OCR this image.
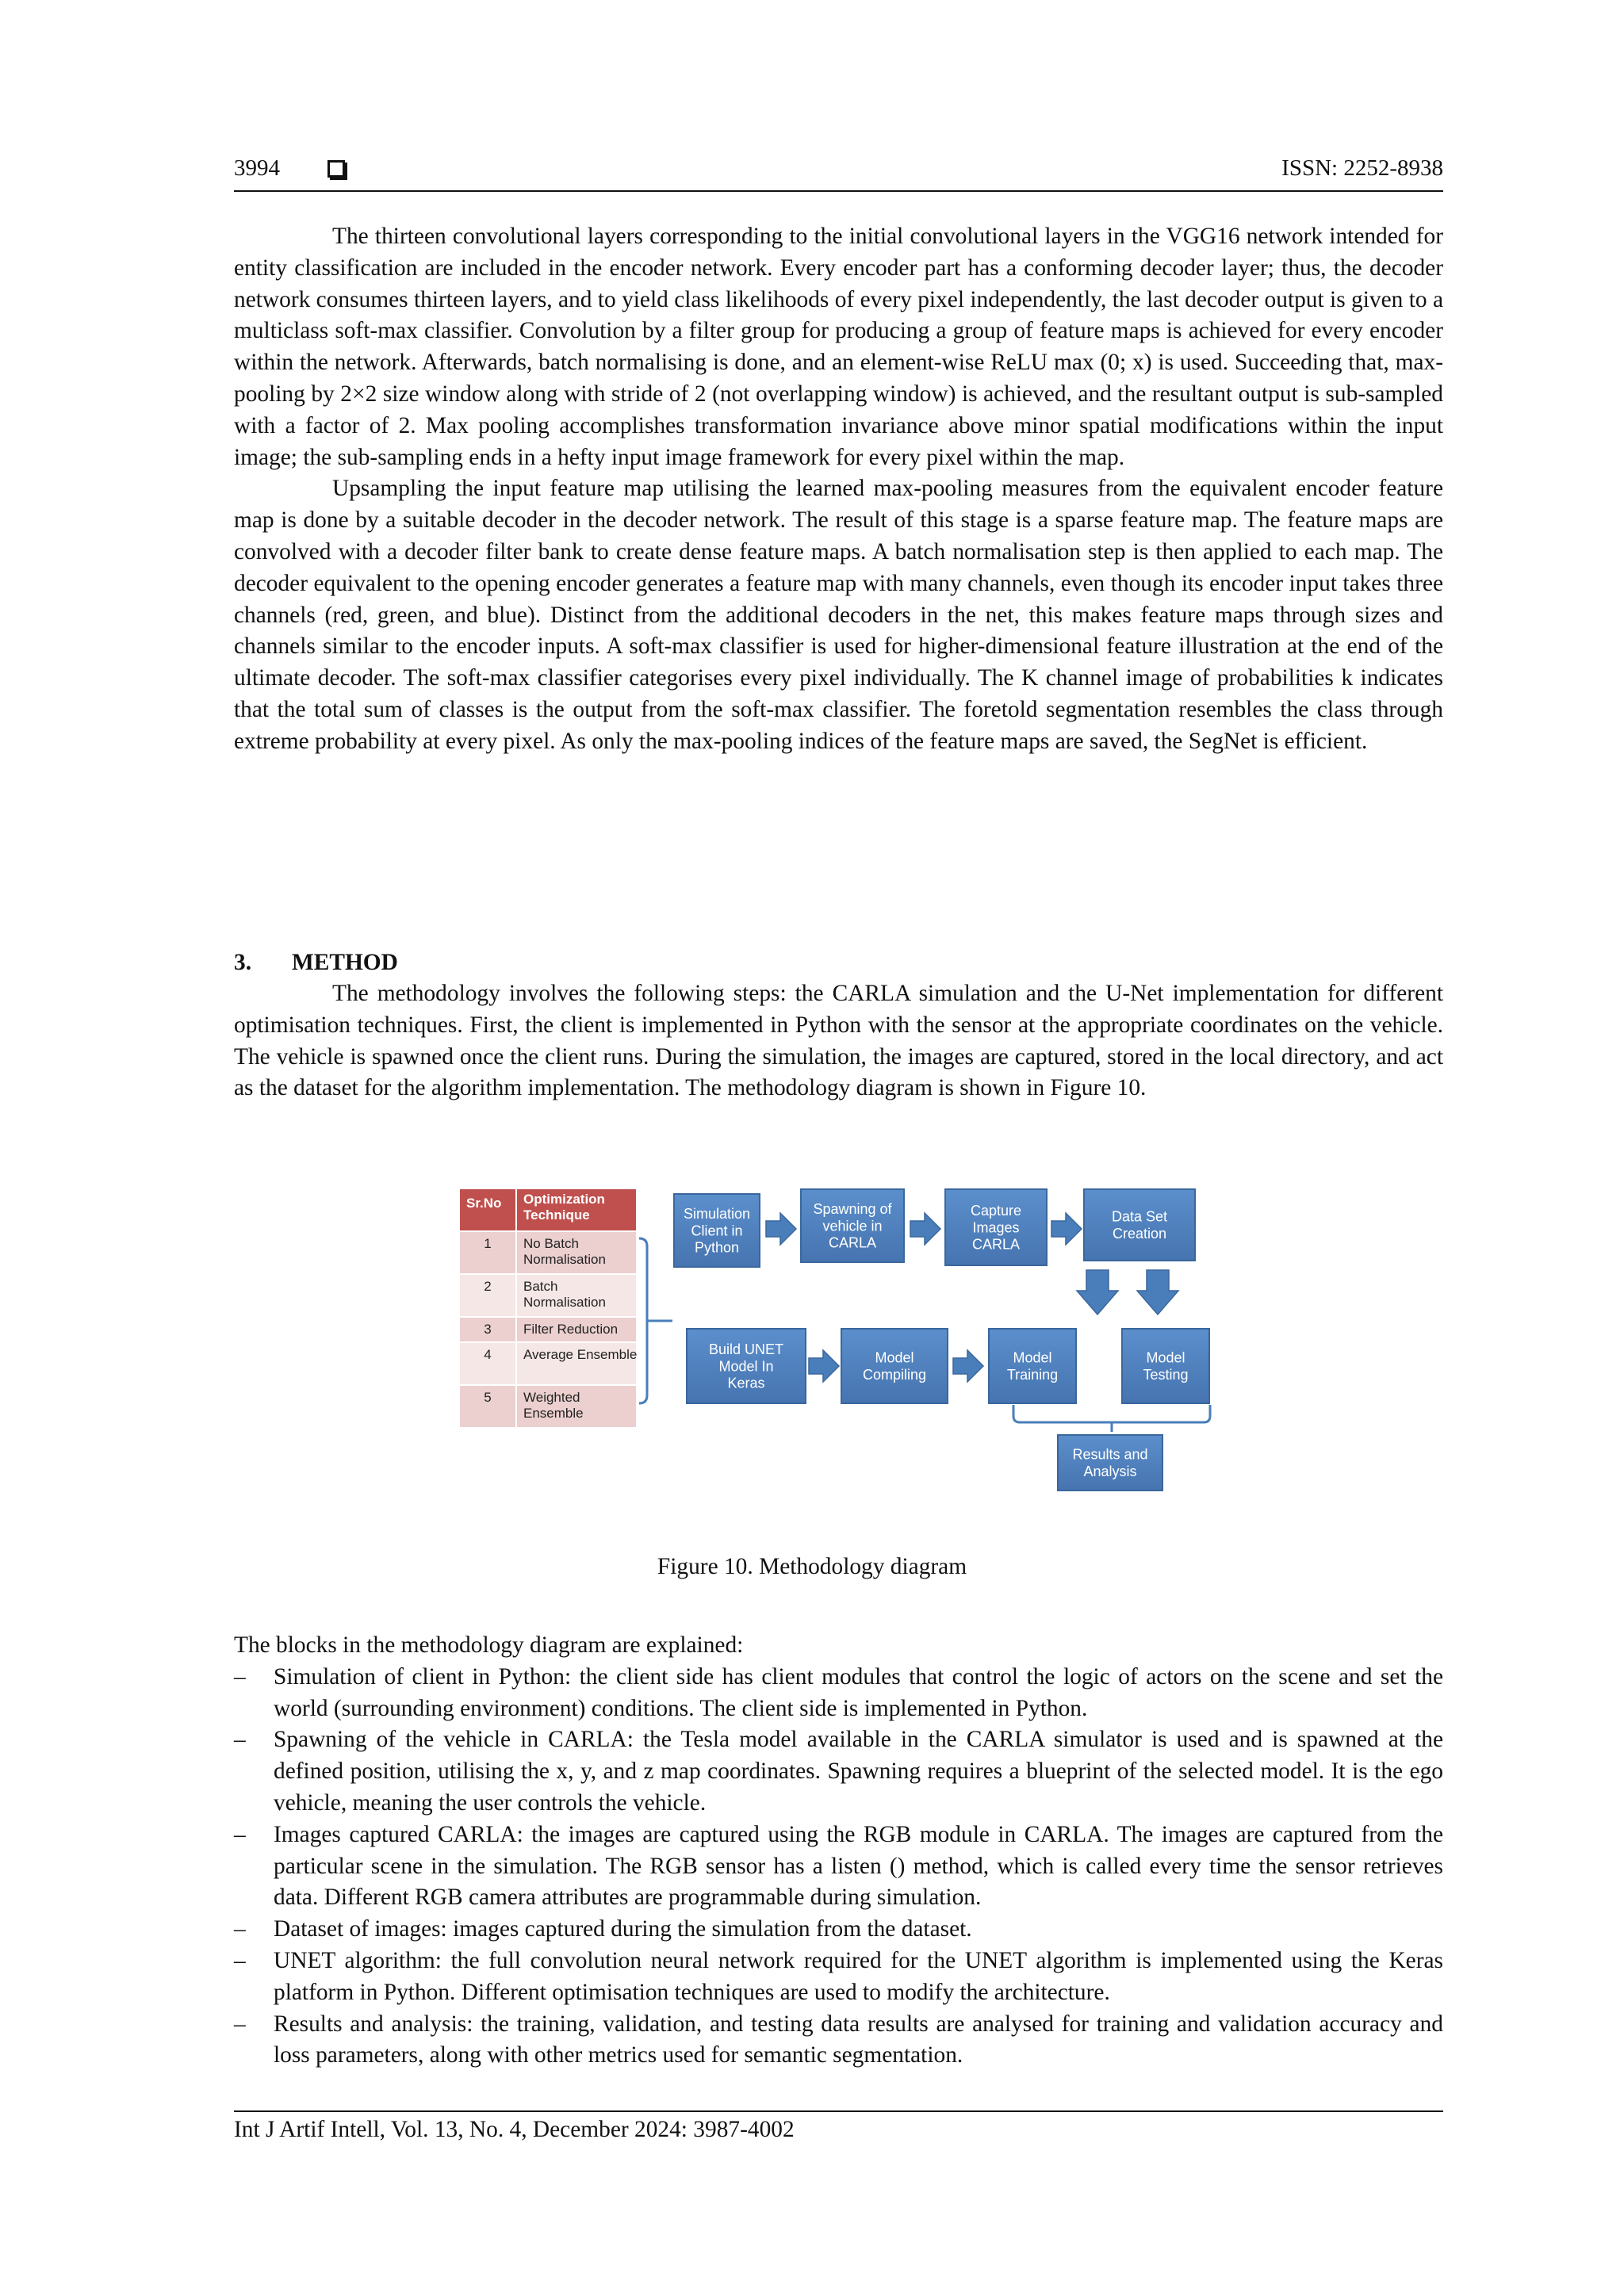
3994	ISSN: 2252-8938

The thirteen convolutional layers corresponding to the initial convolutional layers in the VGG16 network intended for entity classification are included in the encoder network. Every encoder part has a conforming decoder layer; thus, the decoder network consumes thirteen layers, and to yield class likelihoods of every pixel independently, the last decoder output is given to a multiclass soft-max classifier. Convolution by a filter group for producing a group of feature maps is achieved for every encoder within the network. Afterwards, batch normalising is done, and an element-wise ReLU max (0; x) is used. Succeeding that, max-pooling by 2×2 size window along with stride of 2 (not overlapping window) is achieved, and the resultant output is sub-sampled with a factor of 2. Max pooling accomplishes transformation invariance above minor spatial modifications within the input image; the sub-sampling ends in a hefty input image framework for every pixel within the map.

Upsampling the input feature map utilising the learned max-pooling measures from the equivalent encoder feature map is done by a suitable decoder in the decoder network. The result of this stage is a sparse feature map. The feature maps are convolved with a decoder filter bank to create dense feature maps. A batch normalisation step is then applied to each map. The decoder equivalent to the opening encoder generates a feature map with many channels, even though its encoder input takes three channels (red, green, and blue). Distinct from the additional decoders in the net, this makes feature maps through sizes and channels similar to the encoder inputs. A soft-max classifier is used for higher-dimensional feature illustration at the end of the ultimate decoder. The soft-max classifier categorises every pixel individually. The K channel image of probabilities k indicates that the total sum of classes is the output from the soft-max classifier. The foretold segmentation resembles the class through extreme probability at every pixel. As only the max-pooling indices of the feature maps are saved, the SegNet is efficient.

3. METHOD

The methodology involves the following steps: the CARLA simulation and the U-Net implementation for different optimisation techniques. First, the client is implemented in Python with the sensor at the appropriate coordinates on the vehicle. The vehicle is spawned once the client runs. During the simulation, the images are captured, stored in the local directory, and act as the dataset for the algorithm implementation. The methodology diagram is shown in Figure 10.

Sr.No Optimization Technique
1 No Batch Normalisation
2 Batch Normalisation
3 Filter Reduction
4 Average Ensemble
5 Weighted Ensemble
Simulation Client in Python
Spawning of vehicle in CARLA
Capture Images CARLA
Data Set Creation
Build UNET Model In Keras
Model Compiling
Model Training
Model Testing
Results and Analysis
Figure 10. Methodology diagram

The blocks in the methodology diagram are explained:

– Simulation of client in Python: the client side has client modules that control the logic of actors on the scene and set the world (surrounding environment) conditions. The client side is implemented in Python.
– Spawning of the vehicle in CARLA: the Tesla model available in the CARLA simulator is used and is spawned at the defined position, utilising the x, y, and z map coordinates. Spawning requires a blueprint of the selected model. It is the ego vehicle, meaning the user controls the vehicle.
– Images captured CARLA: the images are captured using the RGB module in CARLA. The images are captured from the particular scene in the simulation. The RGB sensor has a listen () method, which is called every time the sensor retrieves data. Different RGB camera attributes are programmable during simulation.
– Dataset of images: images captured during the simulation from the dataset.
– UNET algorithm: the full convolution neural network required for the UNET algorithm is implemented using the Keras platform in Python. Different optimisation techniques are used to modify the architecture.
– Results and analysis: the training, validation, and testing data results are analysed for training and validation accuracy and loss parameters, along with other metrics used for semantic segmentation.
Int J Artif Intell, Vol. 13, No. 4, December 2024: 3987-4002
